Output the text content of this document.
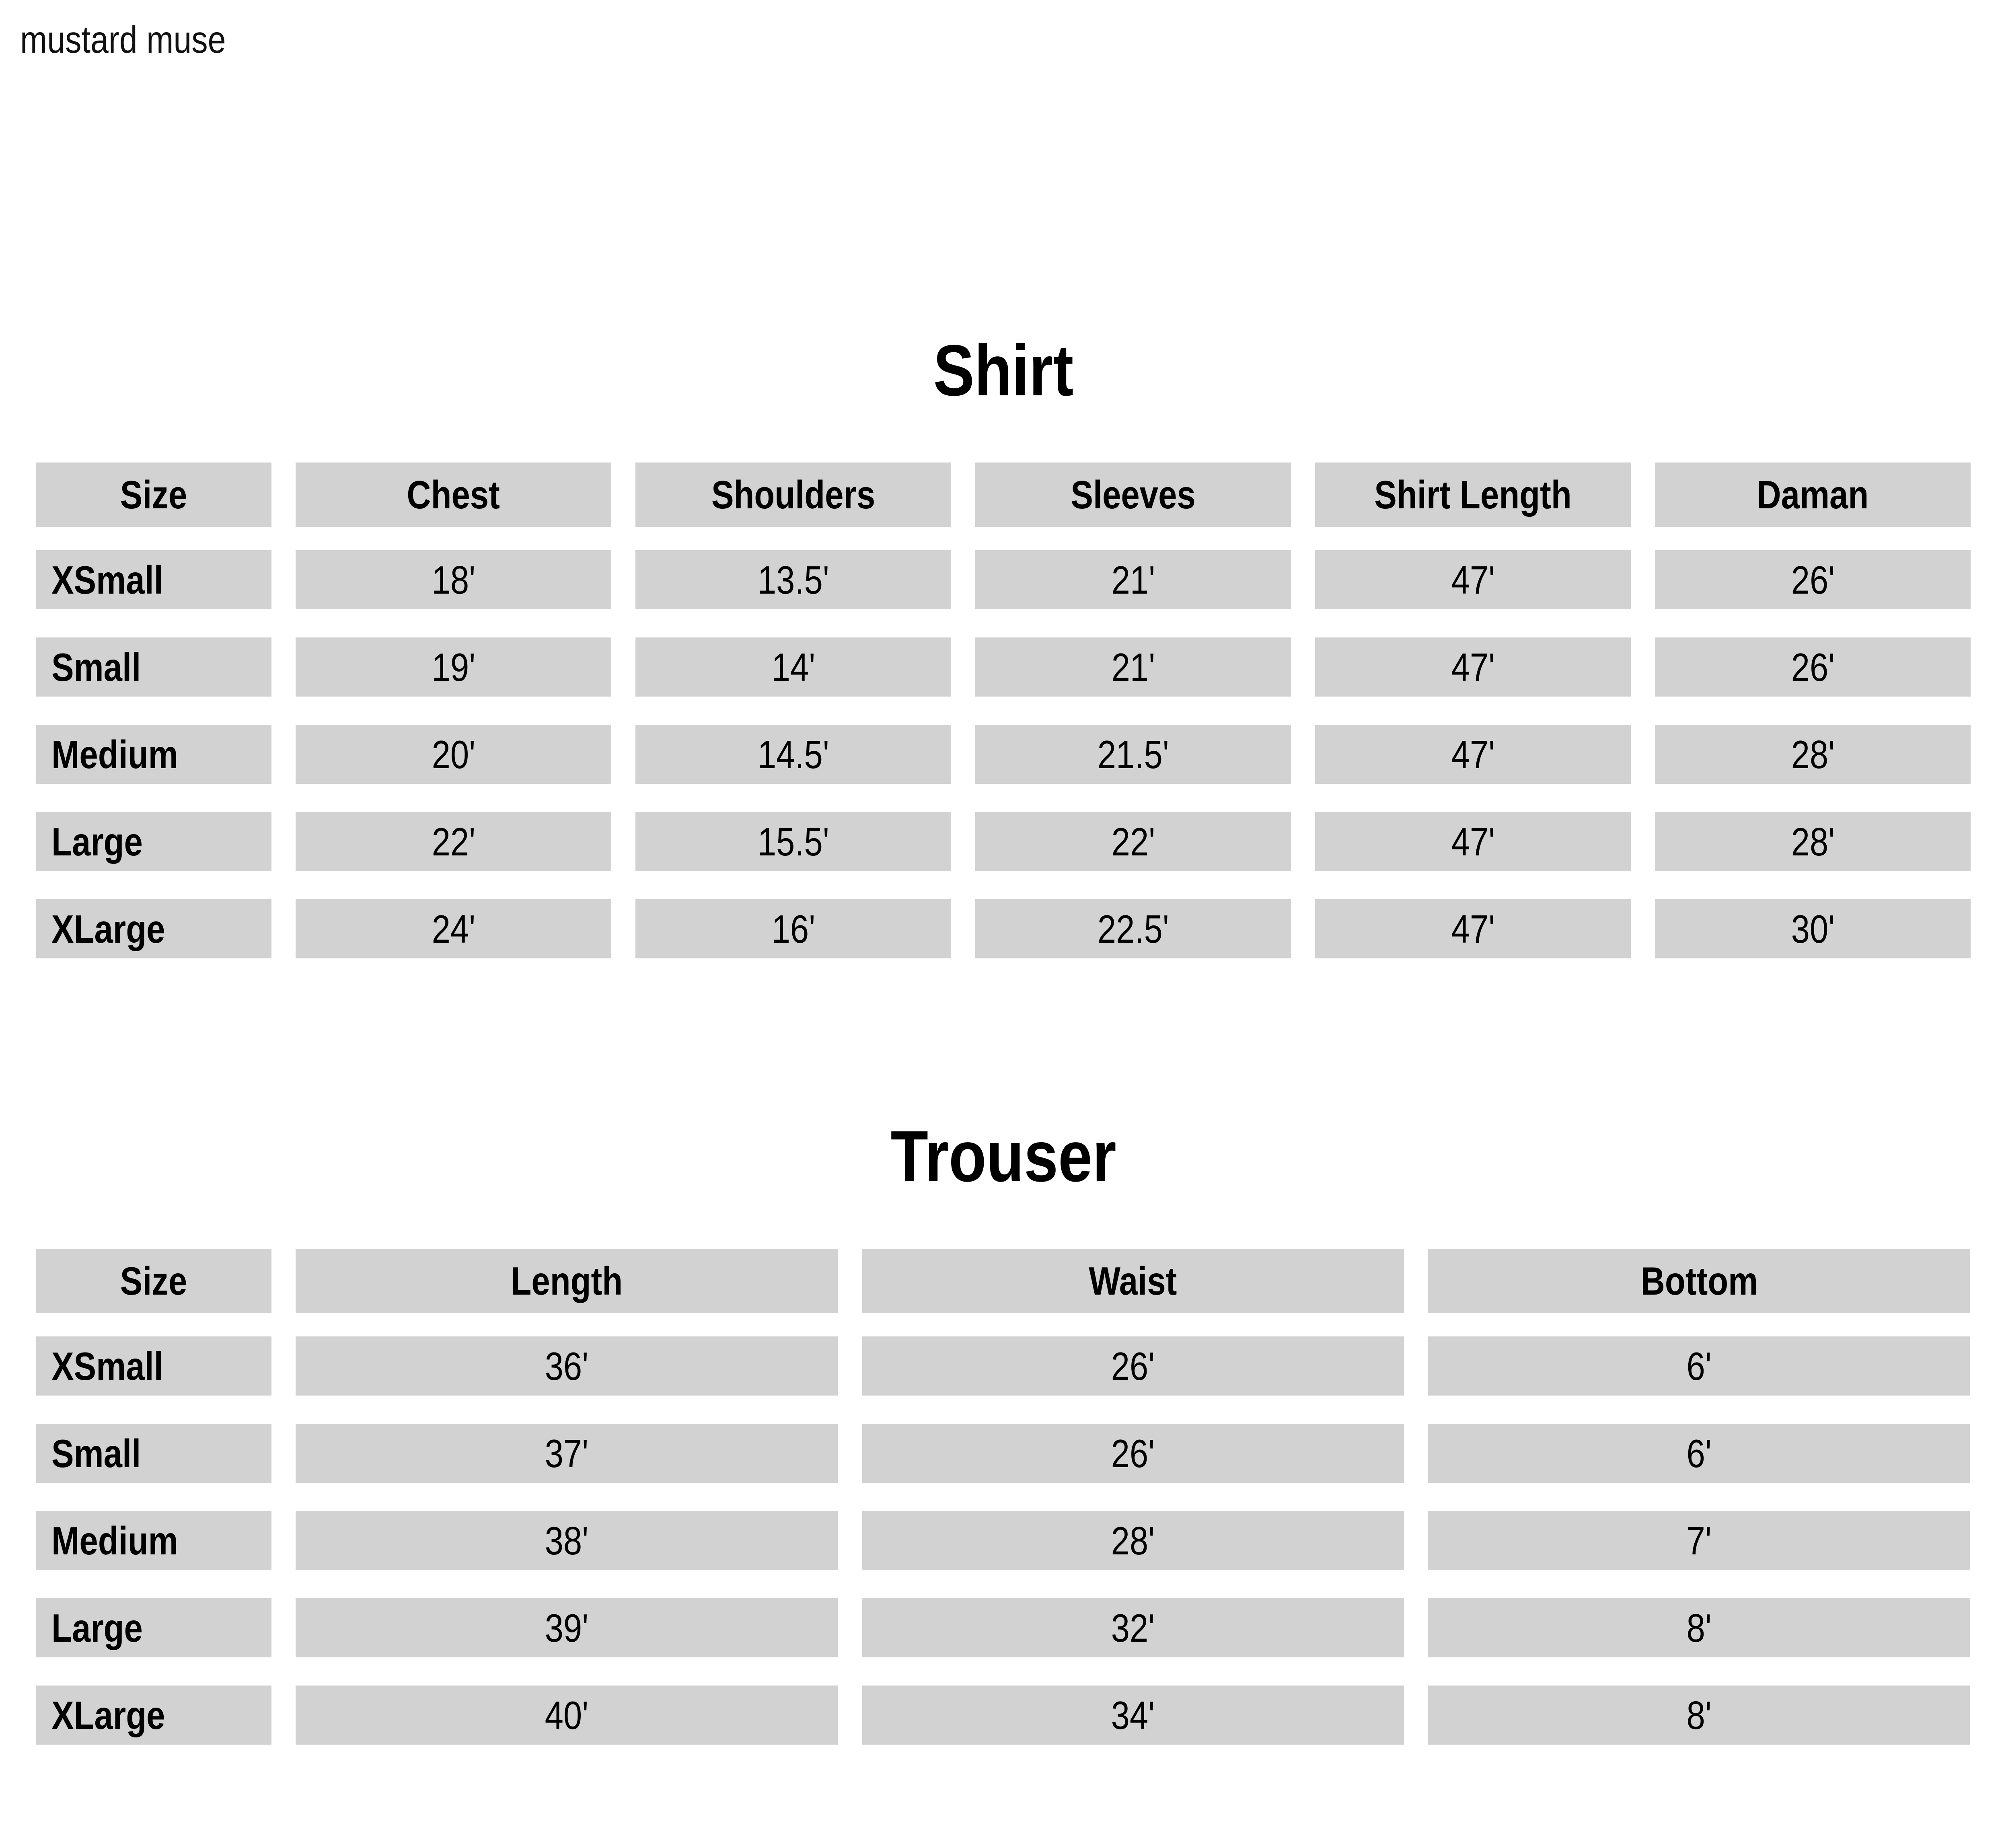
mustard muse
Shirt
Size	Chest	Shoulders	Sleeves	Shirt Length	Daman
XSmall	18'	13.5'	21'	47'	26'
Small	19'	14'	21'	47'	26'
Medium	20'	14.5'	21.5'	47'	28'
Large	22'	15.5'	22'	47'	28'
XLarge	24'	16'	22.5'	47'	30'
Trouser
Size	Length	Waist	Bottom
XSmall	36'	26'	6'
Small	37'	26'	6'
Medium	38'	28'	7'
Large	39'	32'	8'
XLarge	40'	34'	8'
